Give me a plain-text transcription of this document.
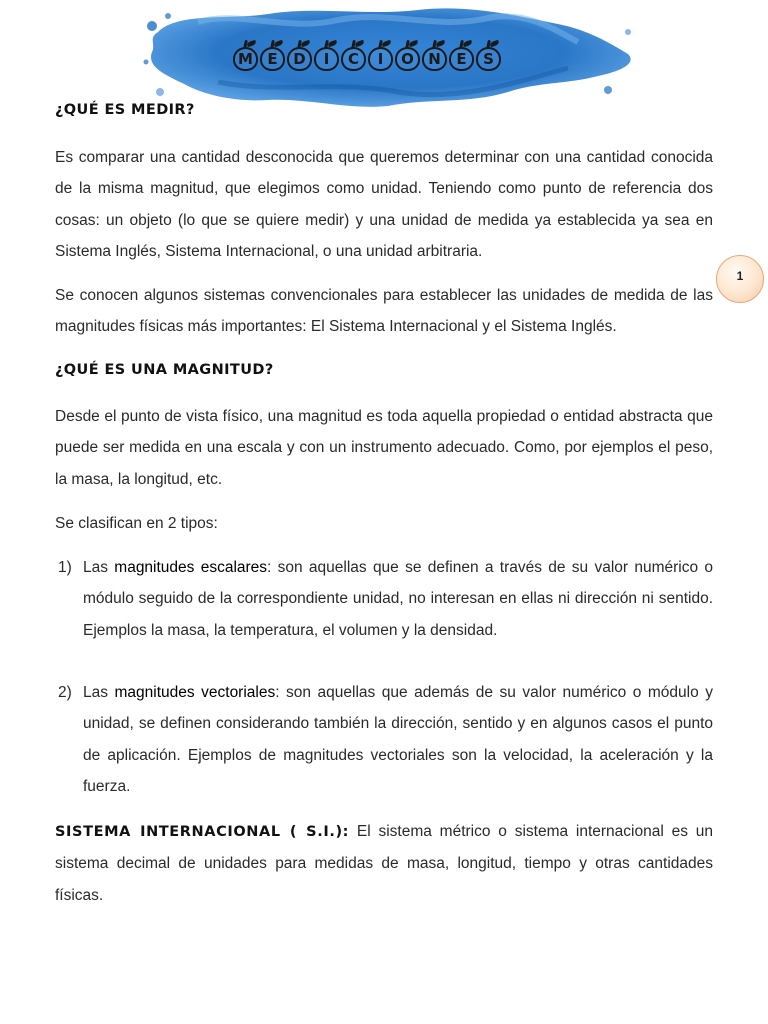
M E	D	I	C	I	O N	E	S
1
¿QUÉ ES MEDIR?
Es comparar una cantidad desconocida que queremos determinar con una cantidad conocida de la misma magnitud, que elegimos como unidad. Teniendo como punto de referencia dos cosas: un objeto (lo que se quiere medir) y una unidad de medida ya establecida ya sea en Sistema Inglés, Sistema Internacional, o una unidad arbitraria.
Se conocen algunos sistemas convencionales para establecer las unidades de medida de las magnitudes físicas más importantes: El Sistema Internacional y el Sistema Inglés.
¿QUÉ ES UNA MAGNITUD?
Desde el punto de vista físico, una magnitud es toda aquella propiedad o entidad abstracta que puede ser medida en una escala y con un instrumento adecuado. Como, por ejemplos el peso, la masa, la longitud, etc.
Se clasifican en 2 tipos:
1) Las magnitudes escalares: son aquellas que se definen a través de su valor numérico o módulo seguido de la correspondiente unidad, no interesan en ellas ni dirección ni sentido. Ejemplos la masa, la temperatura, el volumen y la densidad.
2) Las magnitudes vectoriales: son aquellas que además de su valor numérico o módulo y unidad, se definen considerando también la dirección, sentido y en algunos casos el punto de aplicación. Ejemplos de magnitudes vectoriales son la velocidad, la aceleración y la fuerza.
SISTEMA INTERNACIONAL ( S.I.): El sistema métrico o sistema internacional es un sistema decimal de unidades para medidas de masa, longitud, tiempo y otras cantidades físicas.
